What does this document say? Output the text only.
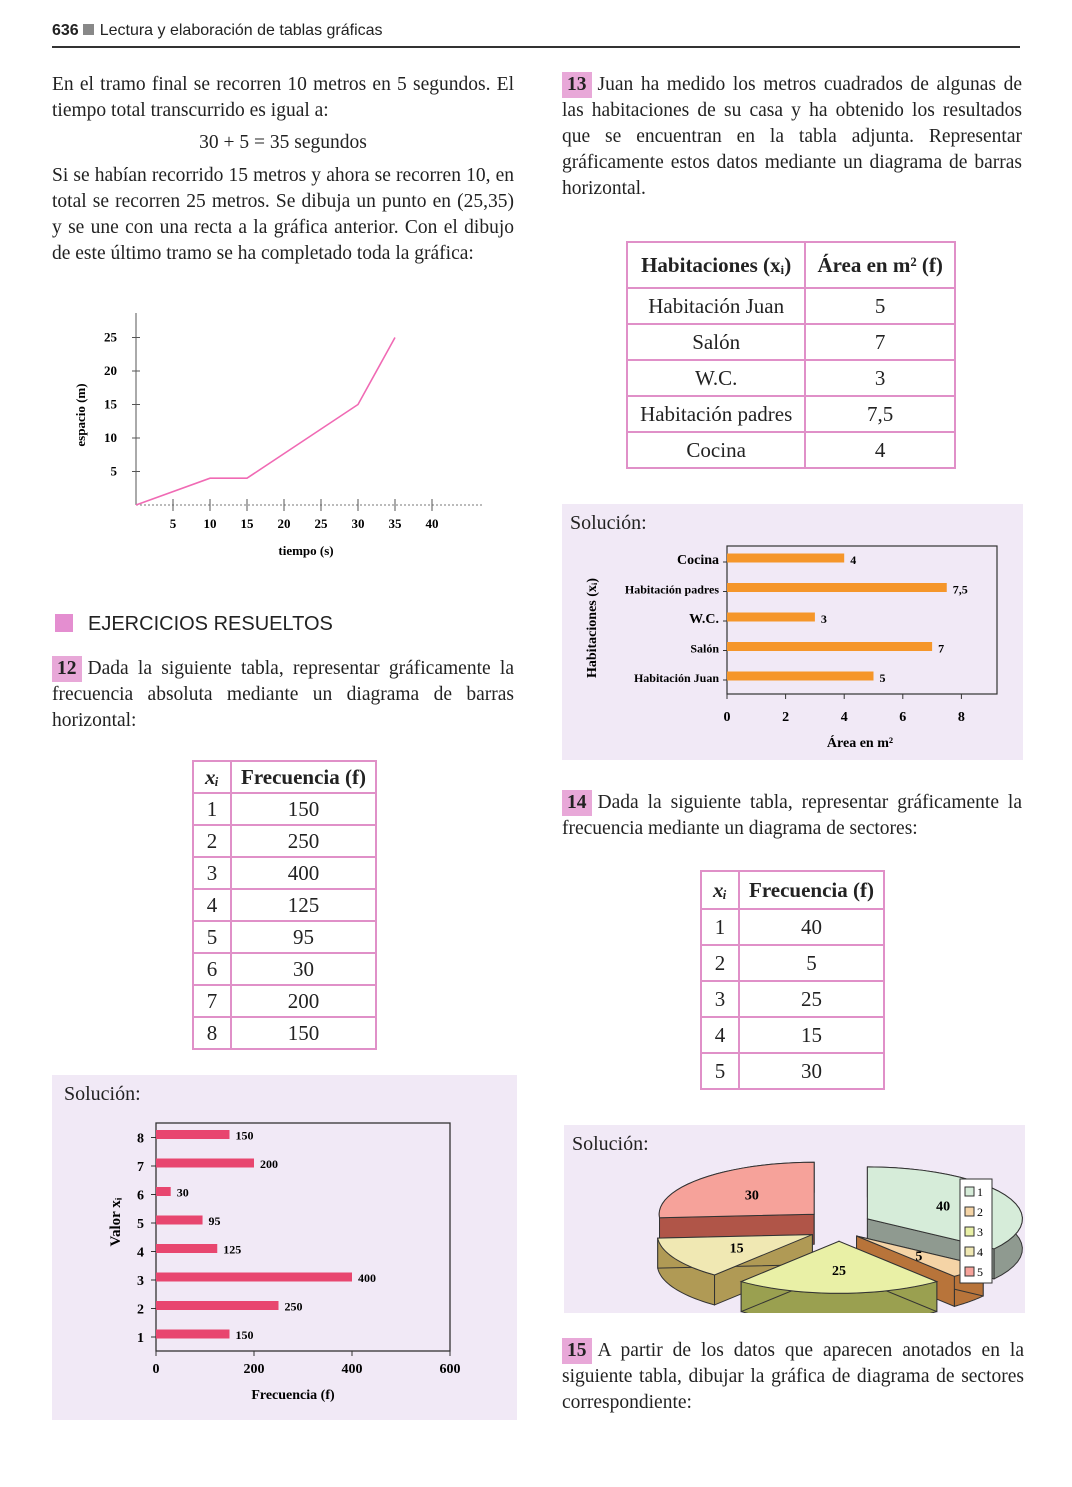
636 Lectura y elaboración de tablas gráficas
En el tramo final se recorren 10 metros en 5 segundos. El tiempo total transcurrido es igual a:
30 + 5 = 35 segundos
Si se habían recorrido 15 metros y ahora se recorren 10, en total se recorren 25 metros. Se dibuja un punto en (25,35) y se une con una recta a la gráfica anterior. Con el dibujo de este último tramo se ha completado toda la gráfica:
5 10 15 20 25 30 35 40
5
10
15
20
25
tiempo (s)
espacio (m)
EJERCICIOS RESUELTOS
12 Dada la siguiente tabla, representar gráficamente la frecuencia absoluta mediante un diagrama de barras horizontal:
xᵢ	Frecuencia (f)
1	150
2	250
3	400
4	125
5	95
6	30
7	200
8	150
Solución:
0	200	400	600
Frecuencia (f)
Valor xᵢ
1	150
2	250
3	400
4	125
5	95
6	30
7	200
8	150
13 Juan ha medido los metros cuadrados de algunas de las habitaciones de su casa y ha obtenido los resultados que se encuentran en la tabla adjunta. Representar gráficamente estos datos mediante un diagrama de barras horizontal.
Habitaciones (xᵢ)	Área en m² (f)
Habitación Juan	5
Salón	7
W.C.	3
Habitación padres	7,5
Cocina	4
Solución:
0	2	4	6	8
Área en m²
Habitaciones (xᵢ)	Habitación Juan	5
Salón	7
W.C.	3
Habitación padres	7,5
Cocina	4
14 Dada la siguiente tabla, representar gráficamente la frecuencia mediante un diagrama de sectores:
xᵢ	Frecuencia (f)
1	40
2	5
3	25
4	15
5	30
Solución:
30
40
15
5
25
1
2
3
4
5
15 A partir de los datos que aparecen anotados en la siguiente tabla, dibujar la gráfica de diagrama de sectores correspondiente:
